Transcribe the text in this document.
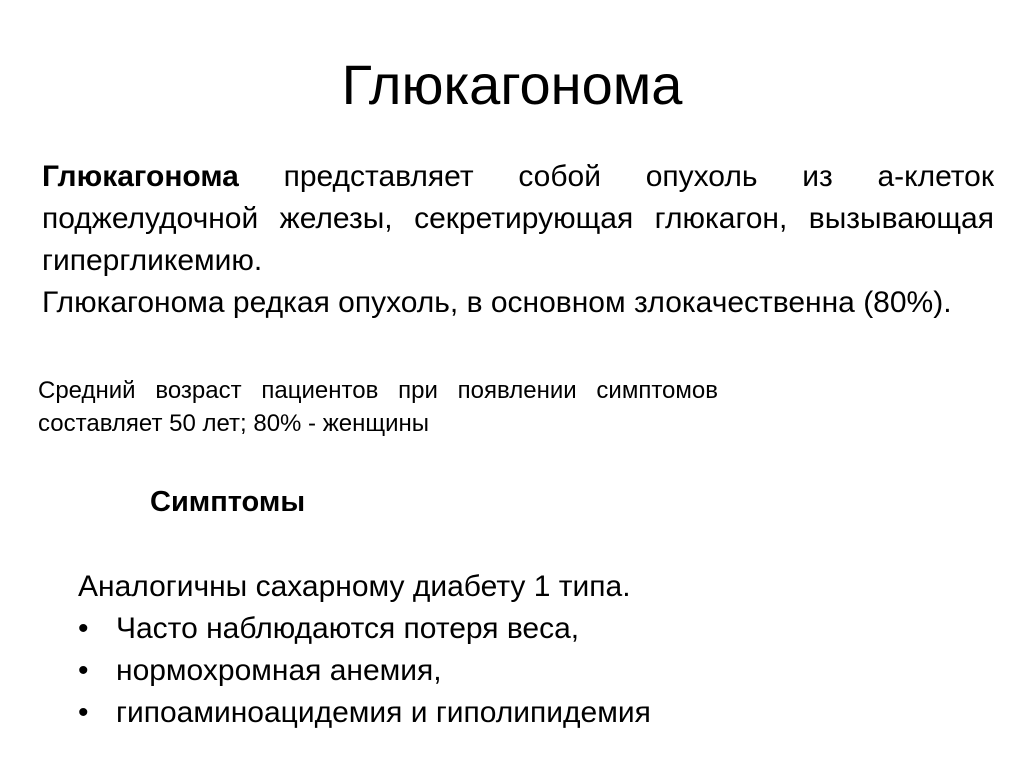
Глюкагонома

Глюкагонома представляет собой опухоль из а-клеток поджелудочной железы, секретирующая глюкагон, вызывающая гипергликемию.

Глюкагонома редкая опухоль, в основном злокачественна (80%).

Средний возраст пациентов при появлении симптомов составляет 50 лет; 80% - женщины

Симптомы

Аналогичны сахарному диабету 1 типа.

• Часто наблюдаются потеря веса,
• нормохромная анемия,
• гипоаминоацидемия и гиполипидемия
